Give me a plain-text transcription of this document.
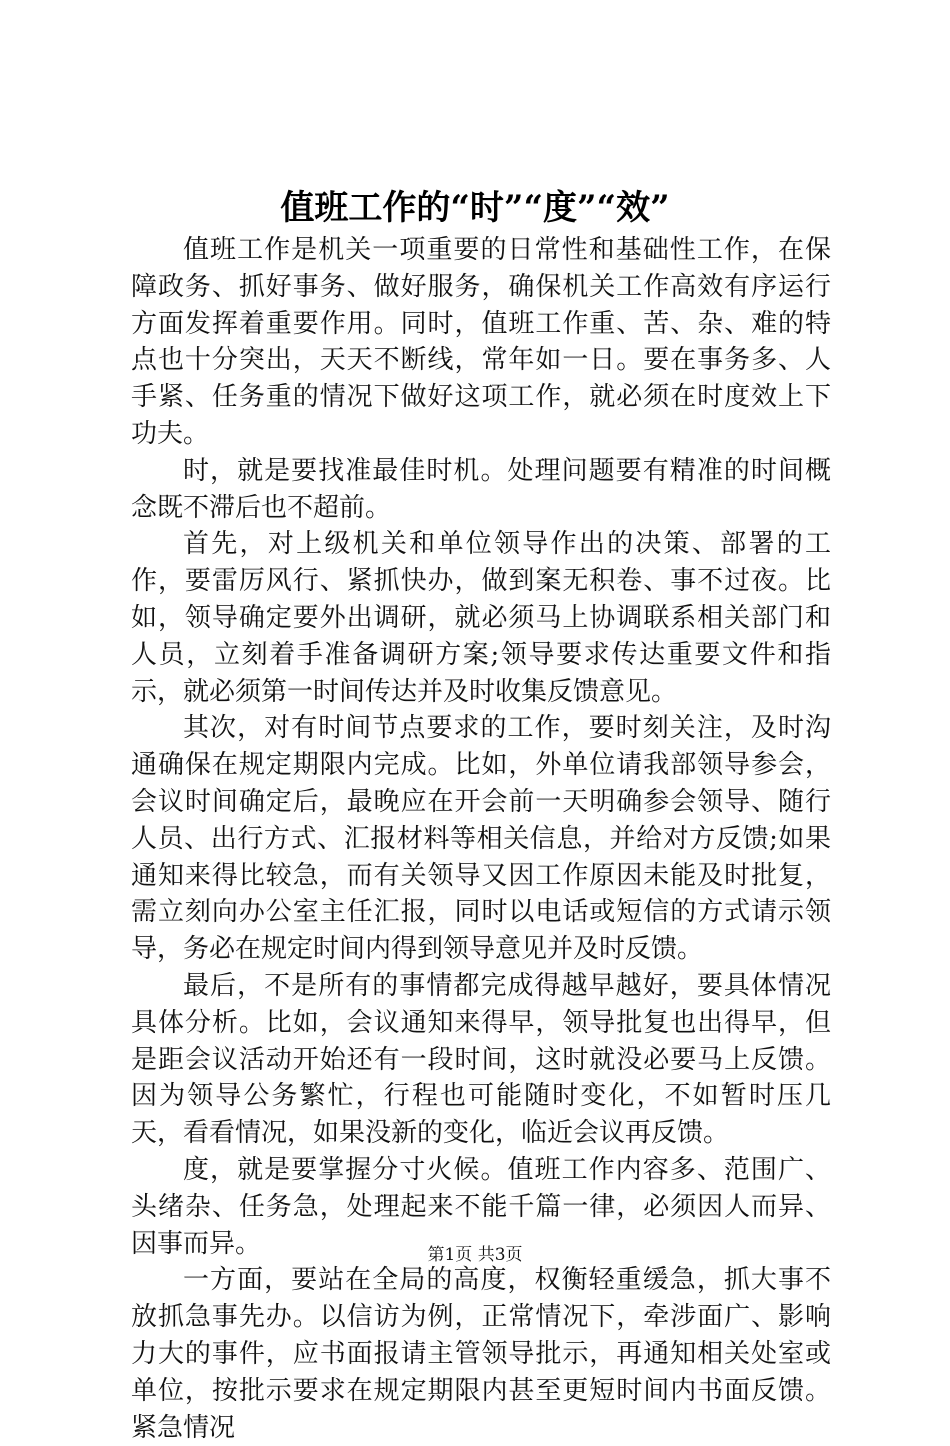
值班工作的“时”“度”“效”

值班工作是机关一项重要的日常性和基础性工作，在保障政务、抓好事务、做好服务，确保机关工作高效有序运行方面发挥着重要作用。同时，值班工作重、苦、杂、难的特点也十分突出，天天不断线，常年如一日。要在事务多、人手紧、任务重的情况下做好这项工作，就必须在时度效上下功夫。

时，就是要找准最佳时机。处理问题要有精准的时间概念既不滞后也不超前。

首先，对上级机关和单位领导作出的决策、部署的工作，要雷厉风行、紧抓快办，做到案无积卷、事不过夜。比如，领导确定要外出调研，就必须马上协调联系相关部门和人员，立刻着手准备调研方案;领导要求传达重要文件和指示，就必须第一时间传达并及时收集反馈意见。

其次，对有时间节点要求的工作，要时刻关注，及时沟通确保在规定期限内完成。比如，外单位请我部领导参会，会议时间确定后，最晚应在开会前一天明确参会领导、随行人员、出行方式、汇报材料等相关信息，并给对方反馈;如果通知来得比较急，而有关领导又因工作原因未能及时批复，需立刻向办公室主任汇报，同时以电话或短信的方式请示领导，务必在规定时间内得到领导意见并及时反馈。

最后，不是所有的事情都完成得越早越好，要具体情况具体分析。比如，会议通知来得早，领导批复也出得早，但是距会议活动开始还有一段时间，这时就没必要马上反馈。因为领导公务繁忙，行程也可能随时变化，不如暂时压几天，看看情况，如果没新的变化，临近会议再反馈。

度，就是要掌握分寸火候。值班工作内容多、范围广、头绪杂、任务急，处理起来不能千篇一律，必须因人而异、因事而异。

一方面，要站在全局的高度，权衡轻重缓急，抓大事不放抓急事先办。以信访为例，正常情况下，牵涉面广、影响力大的事件，应书面报请主管领导批示，再通知相关处室或单位，按批示要求在规定期限内甚至更短时间内书面反馈。紧急情况

第1页 共3页
